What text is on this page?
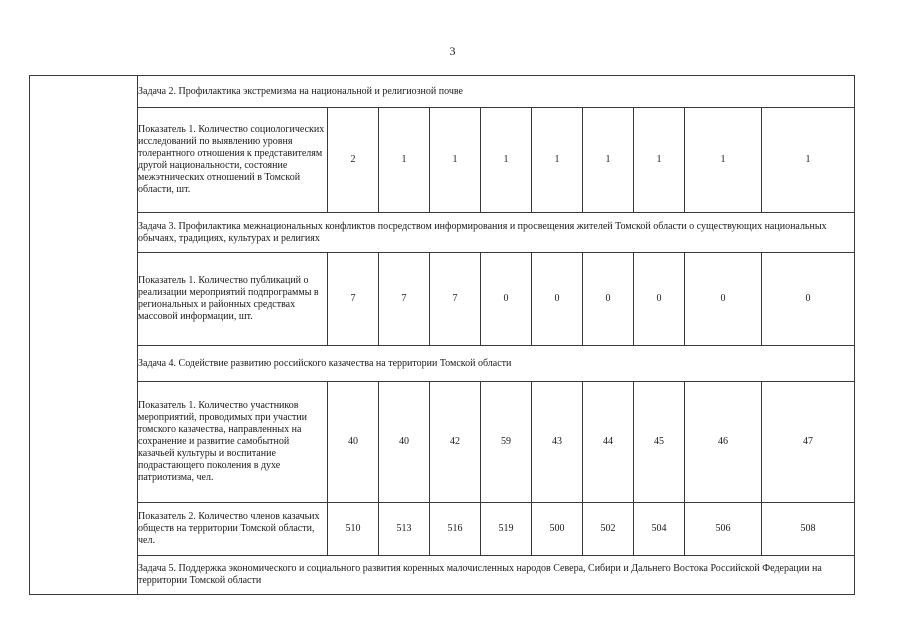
3
	Задача 2. Профилактика экстремизма на национальной и религиозной почве									
	Показатель 1. Количество социологических исследований по выявлению уровня толерантного отношения к представителям другой национальности, состояние межэтнических отношений в Томской области, шт.	2	1	1	1	1	1	1	1	1
	Задача 3. Профилактика межнациональных конфликтов посредством информирования и просвещения жителей Томской области о существующих национальных обычаях, традициях, культурах и религиях									
	Показатель 1. Количество публикаций о реализации мероприятий подпрограммы в региональных и районных средствах массовой информации, шт.	7	7	7	0	0	0	0	0	0
	Задача 4. Содействие развитию российского казачества на территории Томской области									
	Показатель 1. Количество участников мероприятий, проводимых при участии томского казачества, направленных на сохранение и развитие самобытной казачьей культуры и воспитание подрастающего поколения в духе патриотизма, чел.	40	40	42	59	43	44	45	46	47
	Показатель 2. Количество членов казачьих обществ на территории Томской области, чел.	510	513	516	519	500	502	504	506	508
	Задача 5. Поддержка экономического и социального развития коренных малочисленных народов Севера, Сибири и Дальнего Востока Российской Федерации на территории Томской области									
